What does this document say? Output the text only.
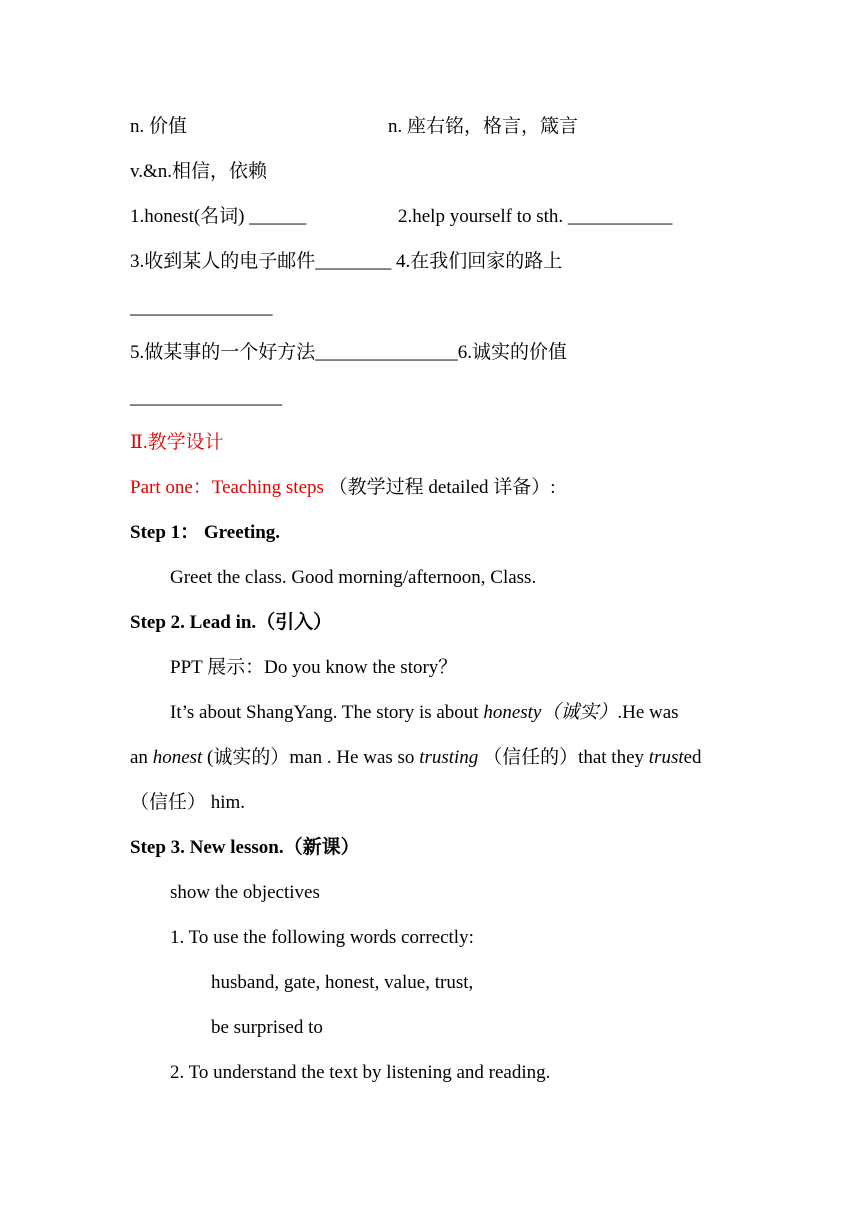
n. 价值	n. 座右铭，格言，箴言
v.&n.相信，依赖
1.honest(名词) ______	2.help yourself to sth. ___________
3.收到某人的电子邮件________ 4.在我们回家的路上
_______________
5.做某事的一个好方法_______________6.诚实的价值
________________
Ⅱ.教学设计
Part one：Teaching steps （教学过程 detailed 详备）:
Step 1： Greeting.
Greet the class. Good morning/afternoon, Class.
Step 2. Lead in.（引入）
PPT 展示：Do you know the story？
It’s about ShangYang. The story is about honesty（诚实）.He was
an honest (诚实的）man . He was so trusting （信任的）that they trusted
（信任） him.
Step 3. New lesson.（新课）
show the objectives
1. To use the following words correctly:
husband, gate, honest, value, trust,
be surprised to
2. To understand the text by listening and reading.
